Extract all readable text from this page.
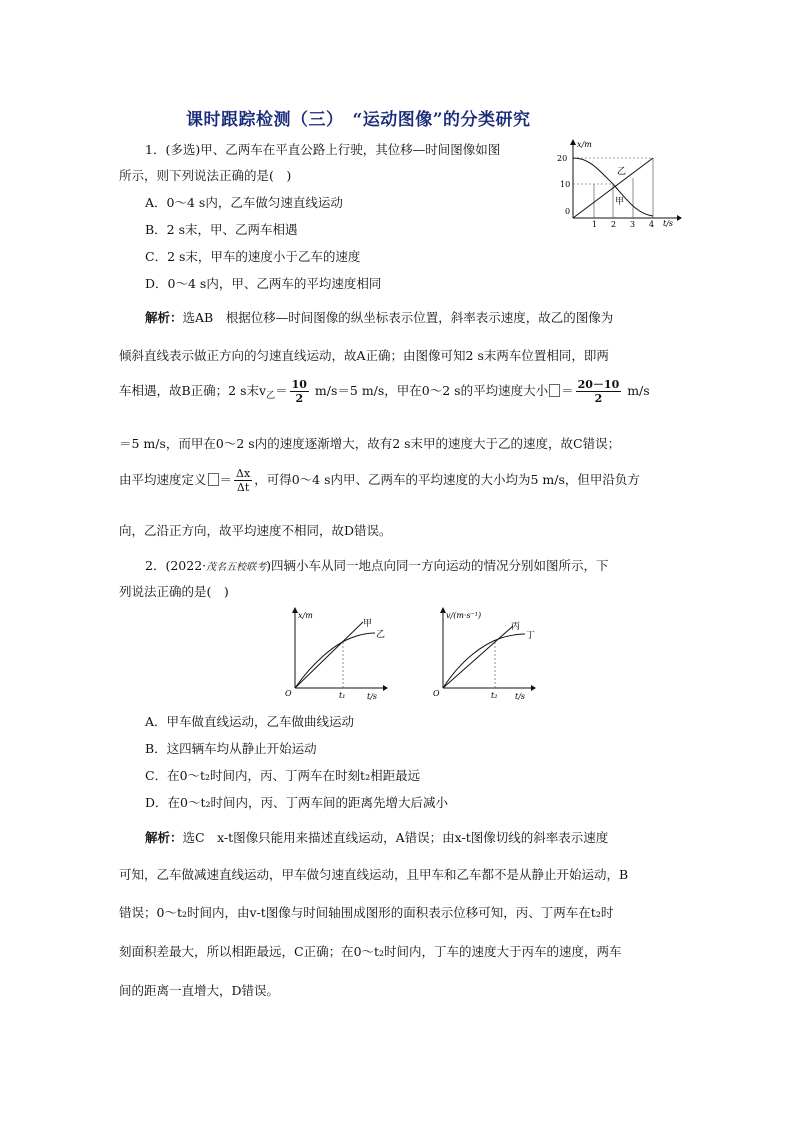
课时跟踪检测（三）　“运动图像”的分类研究
1．(多选)甲、乙两车在平直公路上行驶，其位移—时间图像如图
所示，则下列说法正确的是(　)
A．0～4 s内，乙车做匀速直线运动
B．2 s末，甲、乙两车相遇
C．2 s末，甲车的速度小于乙车的速度
D．0～4 s内，甲、乙两车的平均速度相同
x/m
t/s
20
10
0
1 2 3 4
乙
甲
解析：选AB　根据位移—时间图像的纵坐标表示位置，斜率表示速度，故乙的图像为
倾斜直线表示做正方向的匀速直线运动，故A正确；由图像可知2 s末两车位置相同，即两
车相遇，故B正确；2 s末$v_乙= \frac{10}{2} m/s=5$ m/s，甲在0～2 s的平均速度大小 ＝ $\frac{20-10}{2} m/s$
＝5 m/s，而甲在0～2 s内的速度逐渐增大，故有2 s末甲的速度大于乙的速度，故C错误；
由平均速度定义 ＝ $\frac{\Delta x}{\Delta t}$ ，可得0～4 s内甲、乙两车的平均速度的大小均为5 m/s，但甲沿负方
向，乙沿正方向，故平均速度不相同，故D错误。
2．(2022·茂名五校联考)四辆小车从同一地点向同一方向运动的情况分别如图所示，下
列说法正确的是(　)
x/m
t/s
O	t₁
甲
乙
v/(m·s⁻¹)
t/s
O	t₂
丙
丁
A．甲车做直线运动，乙车做曲线运动
B．这四辆车均从静止开始运动
C．在0～t₂时间内，丙、丁两车在时刻t₂相距最远
D．在0～t₂时间内，丙、丁两车间的距离先增大后减小
解析：选C　x-t图像只能用来描述直线运动，A错误；由x-t图像切线的斜率表示速度
可知，乙车做减速直线运动，甲车做匀速直线运动，且甲车和乙车都不是从静止开始运动，B
错误；0～t₂时间内，由v-t图像与时间轴围成图形的面积表示位移可知，丙、丁两车在t₂时
刻面积差最大，所以相距最远，C正确；在0～t₂时间内，丁车的速度大于丙车的速度，两车
间的距离一直增大，D错误。
